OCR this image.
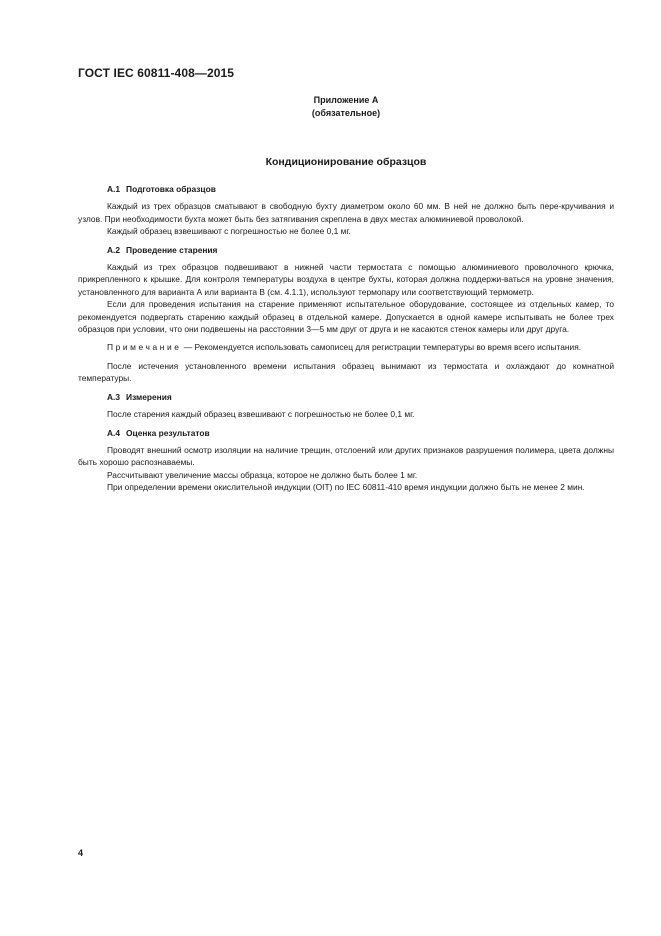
ГОСТ IEC 60811-408—2015
Приложение А
(обязательное)
Кондиционирование образцов

А.1 Подготовка образцов

Каждый из трех образцов сматывают в свободную бухту диаметром около 60 мм. В ней не должно быть пере-кручивания и узлов. При необходимости бухта может быть без затягивания скреплена в двух местах алюминиевой проволокой.

Каждый образец взвешивают с погрешностью не более 0,1 мг.

А.2 Проведение старения

Каждый из трех образцов подвешивают в нижней части термостата с помощью алюминиевого проволочного крючка, прикрепленного к крышке. Для контроля температуры воздуха в центре бухты, которая должна поддержи-ваться на уровне значения, установленного для варианта А или варианта В (см. 4.1.1), используют термопару или соответствующий термометр.

Если для проведения испытания на старение применяют испытательное оборудование, состоящее из отдельных камер, то рекомендуется подвергать старению каждый образец в отдельной камере. Допускается в одной камере испытывать не более трех образцов при условии, что они подвешены на расстоянии 3—5 мм друг от друга и не касаются стенок камеры или друг друга.

Примечание — Рекомендуется использовать самописец для регистрации температуры во время всего испытания.

После истечения установленного времени испытания образец вынимают из термостата и охлаждают до комнатной температуры.

А.3 Измерения

После старения каждый образец взвешивают с погрешностью не более 0,1 мг.

А.4 Оценка результатов

Проводят внешний осмотр изоляции на наличие трещин, отслоений или других признаков разрушения полимера, цвета должны быть хорошо распознаваемы.

Рассчитывают увеличение массы образца, которое не должно быть более 1 мг.

При определении времени окислительной индукции (OIT) по IEC 60811-410 время индукции должно быть не менее 2 мин.

4
